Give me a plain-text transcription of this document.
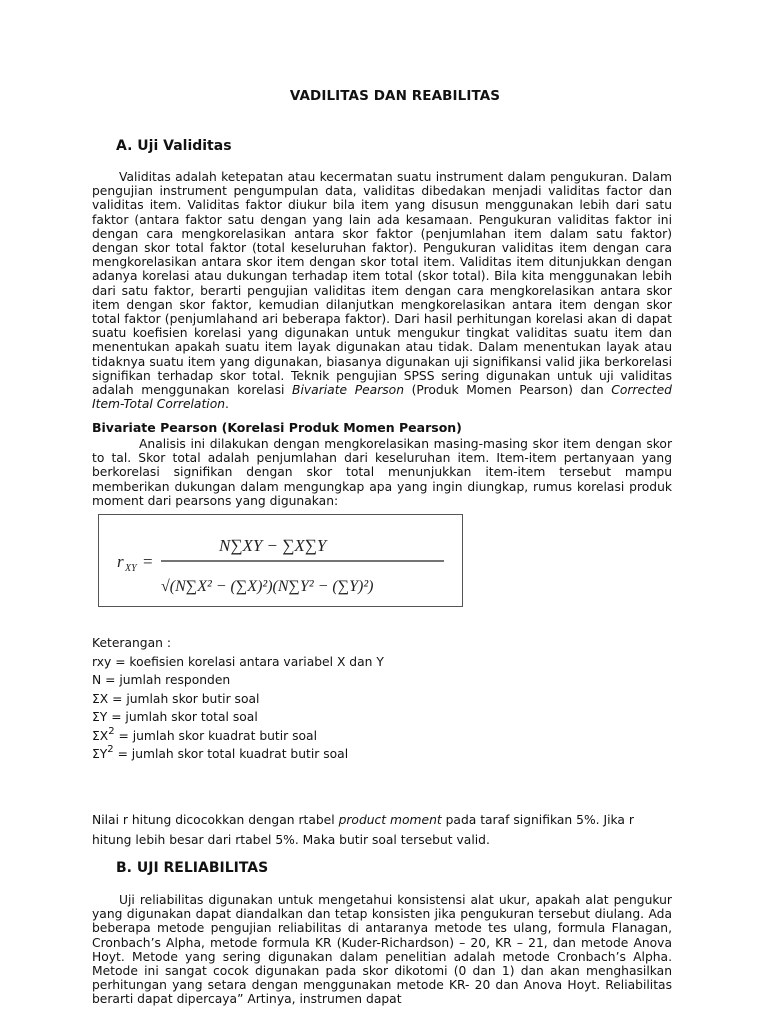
VADILITAS DAN REABILITAS
A. Uji Validitas

Validitas adalah ketepatan atau kecermatan suatu instrument dalam pengukuran. Dalam pengujian instrument pengumpulan data, validitas dibedakan menjadi validitas factor dan validitas item. Validitas faktor diukur bila item yang disusun menggunakan lebih dari satu faktor (antara faktor satu dengan yang lain ada kesamaan. Pengukuran validitas faktor ini dengan cara mengkorelasikan antara skor faktor (penjumlahan item dalam satu faktor) dengan skor total faktor (total keseluruhan faktor). Pengukuran validitas item dengan cara mengkorelasikan antara skor item dengan skor total item. Validitas item ditunjukkan dengan adanya korelasi atau dukungan terhadap item total (skor total). Bila kita menggunakan lebih dari satu faktor, berarti pengujian validitas item dengan cara mengkorelasikan antara skor item dengan skor faktor, kemudian dilanjutkan mengkorelasikan antara item dengan skor total faktor (penjumlahand ari beberapa faktor). Dari hasil perhitungan korelasi akan di dapat suatu koefisien korelasi yang digunakan untuk mengukur tingkat validitas suatu item dan menentukan apakah suatu item layak digunakan atau tidak. Dalam menentukan layak atau tidaknya suatu item yang digunakan, biasanya digunakan uji signifikansi valid jika berkorelasi signifikan terhadap skor total. Teknik pengujian SPSS sering digunakan untuk uji validitas adalah menggunakan korelasi Bivariate Pearson (Produk Momen Pearson) dan Corrected Item-Total Correlation.

Bivariate Pearson (Korelasi Produk Momen Pearson)

Analisis ini dilakukan dengan mengkorelasikan masing-masing skor item dengan skor to tal. Skor total adalah penjumlahan dari keseluruhan item. Item-item pertanyaan yang berkorelasi signifikan dengan skor total menunjukkan item-item tersebut mampu memberikan dukungan dalam mengungkap apa yang ingin diungkap, rumus korelasi produk moment dari pearsons yang digunakan:

r XY =
N∑XY − ∑X∑Y
√(N∑X² − (∑X)²)(N∑Y² − (∑Y)²)
Keterangan :
rxy = koefisien korelasi antara variabel X dan Y
N = jumlah responden
ΣX = jumlah skor butir soal
ΣY = jumlah skor total soal
$\Sigma X^2$ = jumlah skor kuadrat butir soal
$\Sigma Y^2$ = jumlah skor total kuadrat butir soal

Nilai r hitung dicocokkan dengan rtabel product moment pada taraf signifikan 5%. Jika r hitung lebih besar dari rtabel 5%. Maka butir soal tersebut valid.

B. UJI RELIABILITAS

Uji reliabilitas digunakan untuk mengetahui konsistensi alat ukur, apakah alat pengukur yang digunakan dapat diandalkan dan tetap konsisten jika pengukuran tersebut diulang. Ada beberapa metode pengujian reliabilitas di antaranya metode tes ulang, formula Flanagan, Cronbach’s Alpha, metode formula KR (Kuder-Richardson) – 20, KR – 21, dan metode Anova Hoyt. Metode yang sering digunakan dalam penelitian adalah metode Cronbach’s Alpha. Metode ini sangat cocok digunakan pada skor dikotomi (0 dan 1) dan akan menghasilkan perhitungan yang setara dengan menggunakan metode KR- 20 dan Anova Hoyt. Reliabilitas berarti dapat dipercaya” Artinya, instrumen dapat
